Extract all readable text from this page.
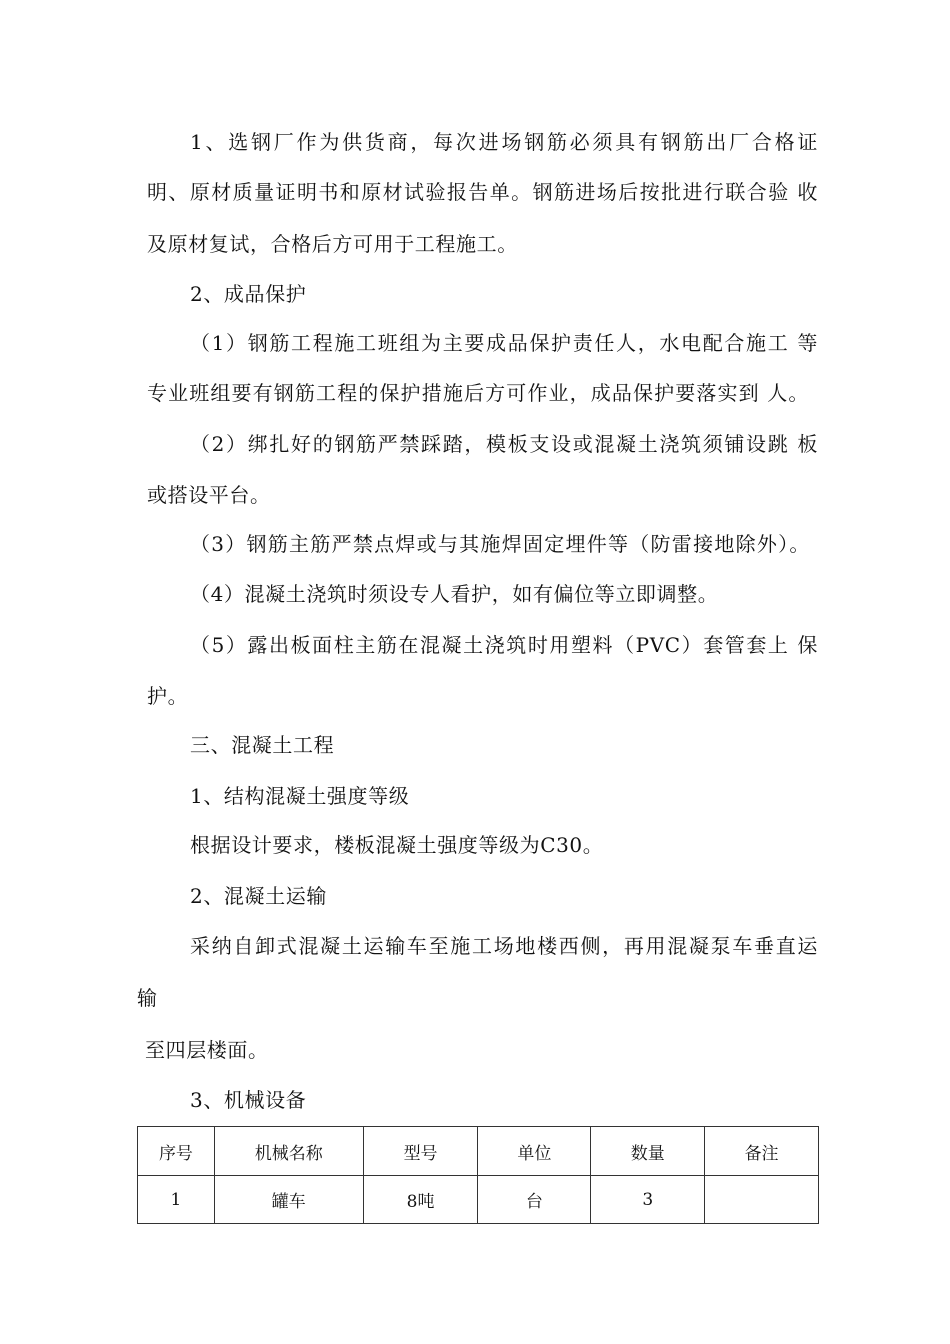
1、选钢厂作为供货商，每次进场钢筋必须具有钢筋出厂合格证
明、原材质量证明书和原材试验报告单。钢筋进场后按批进行联合验 收
及原材复试，合格后方可用于工程施工。
2、成品保护
（1）钢筋工程施工班组为主要成品保护责任人，水电配合施工 等
专业班组要有钢筋工程的保护措施后方可作业，成品保护要落实到 人。
（2）绑扎好的钢筋严禁踩踏，模板支设或混凝土浇筑须铺设跳 板
或搭设平台。
（3）钢筋主筋严禁点焊或与其施焊固定埋件等（防雷接地除外）。
（4）混凝土浇筑时须设专人看护，如有偏位等立即调整。
（5）露出板面柱主筋在混凝土浇筑时用塑料（PVC）套管套上 保
护。
三、混凝土工程
1、结构混凝土强度等级
根据设计要求，楼板混凝土强度等级为C30。
2、混凝土运输
采纳自卸式混凝土运输车至施工场地楼西侧，再用混凝泵车垂直运
输
至四层楼面。
3、机械设备
序号	机械名称	型号	单位	数量	备注
1	罐车	8吨	台	3	
